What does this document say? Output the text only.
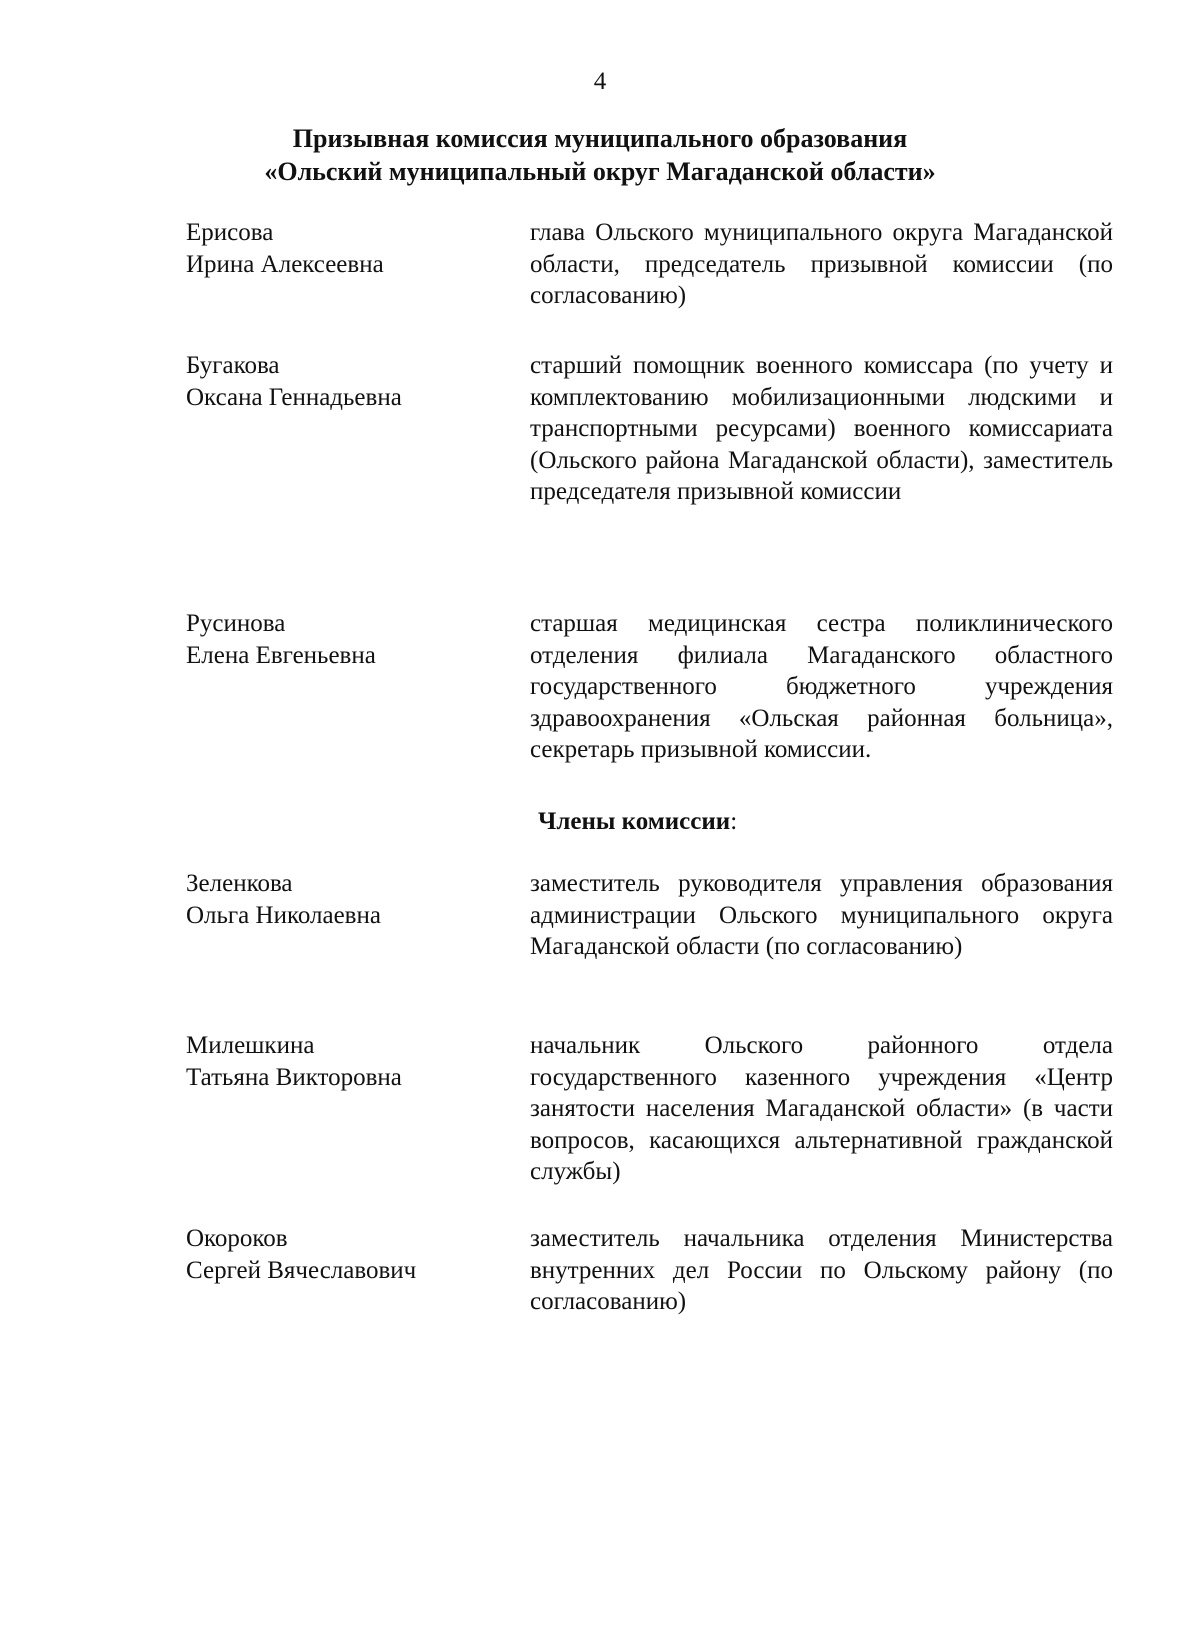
4
Призывная комиссия муниципального образования
«Ольский муниципальный округ Магаданской области»
Ерисова
Ирина Алексеевна
глава Ольского муниципального округа Магаданской области, председатель призывной комиссии (по согласованию)
Бугакова
Оксана Геннадьевна
старший помощник военного комиссара (по учету и комплектованию мобилизационными людскими и транспортными ресурсами) военного комиссариата (Ольского района Магаданской области), заместитель председателя призывной комиссии
Русинова
Елена Евгеньевна
старшая медицинская сестра поликлинического отделения филиала Магаданского областного государственного бюджетного учреждения здравоохранения «Ольская районная больница», секретарь призывной комиссии.
Члены комиссии:
Зеленкова
Ольга Николаевна
заместитель руководителя управления образования администрации Ольского муниципального округа Магаданской области (по согласованию)
Милешкина
Татьяна Викторовна
начальник Ольского районного отдела государственного казенного учреждения «Центр занятости населения Магаданской области» (в части вопросов, касающихся альтернативной гражданской службы)
Окороков
Сергей Вячеславович
заместитель начальника отделения Министерства внутренних дел России по Ольскому району (по согласованию)
